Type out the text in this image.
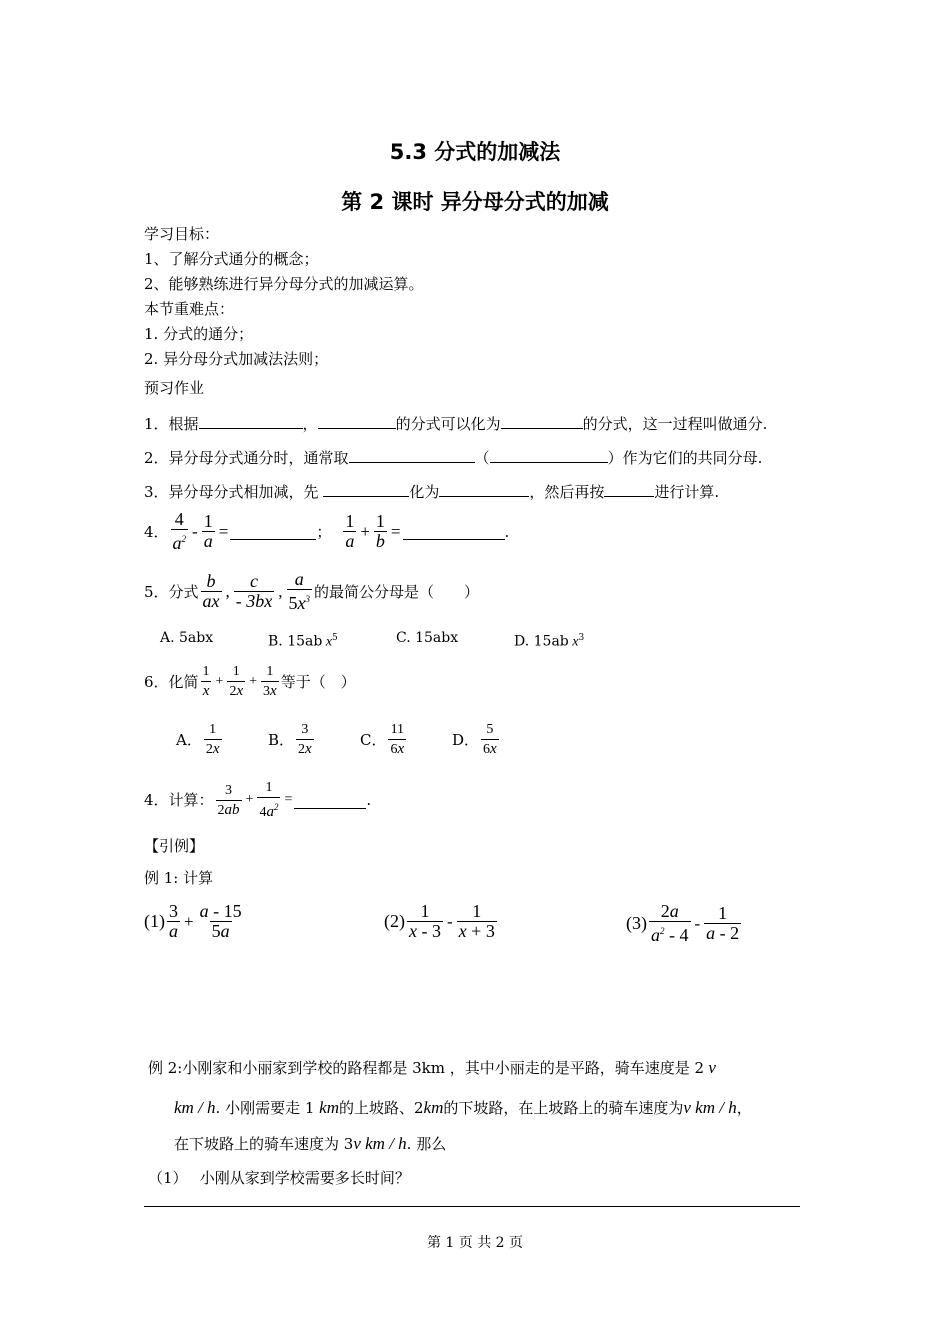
5.3 分式的加减法
第 2 课时 异分母分式的加减
学习目标：
1、了解分式通分的概念；
2、能够熟练进行异分母分式的加减运算。
本节重难点：
1. 分式的通分；
2. 异分母分式加减法法则；
预习作业
1．根据	，	的分式可以化为	的分式，这一过程叫做通分.
2．异分母分式通分时，通常取	（	）作为它们的共同分母.
3．异分母分式相加减，先	化为	，然后再按	进行计算.
4． $\frac{4}{a^2} - \frac{1}{a}$ =	； $\frac{1}{a} + \frac{1}{b}$ =	.
5．分式 $\frac{b}{ax}$ , $\frac{c}{- 3bx}$ , $\frac{a}{5x^3}$ 的最简公分母是（　　）
A. 5abx	B. 15ab $x^5$	C. 15abx	D. 15ab $x^3$
6．化简 $\frac{1}{x} + \frac{1}{2x} + \frac{1}{3x}$ 等于（　）
A． $\frac{1}{2x}$	B． $\frac{3}{2x}$	C． $\frac{11}{6x}$	D． $\frac{5}{6x}$
4．计算： $\frac{3}{2ab} + \frac{1}{4a^2}$ =	.
【引例】
例 1: 计算
$(1) \frac{3}{a} + \frac{a - 15}{5a}$	$(2) \frac{1}{x - 3} - \frac{1}{x + 3}$	$(3) \frac{2a}{a^2 - 4} - \frac{1}{a - 2}$
例 2:小刚家和小丽家到学校的路程都是 3km ，其中小丽走的是平路，骑车速度是 2 v
km / h. 小刚需要走 1 km的上坡路、2km的下坡路，在上坡路上的骑车速度为v km / h，
在下坡路上的骑车速度为 3v km / h. 那么
（1）　 小刚从家到学校需要多长时间？
第 1 页 共 2 页
